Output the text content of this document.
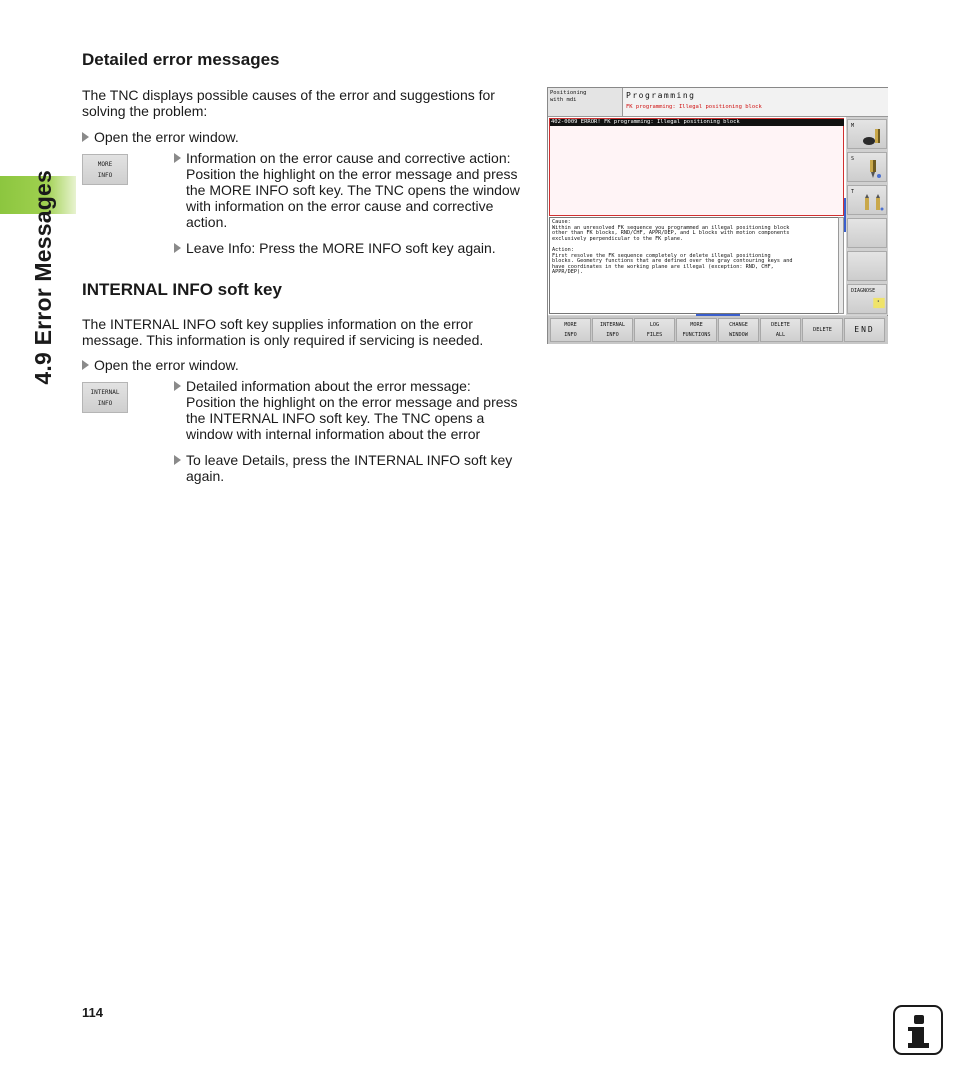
4.9 Error Messages
Detailed error messages
The TNC displays possible causes of the error and suggestions for solving the problem:
Open the error window.
MORE
INFO
Information on the error cause and corrective action: Position the highlight on the error message and press the MORE INFO soft key. The TNC opens the window with information on the error cause and corrective action.
Leave Info: Press the MORE INFO soft key again.
INTERNAL INFO soft key
The INTERNAL INFO soft key supplies information on the error message. This information is only required if servicing is needed.
Open the error window.
INTERNAL
INFO
Detailed information about the error message: Position the highlight on the error message and press the INTERNAL INFO soft key. The TNC opens a window with internal information about the error
To leave Details, press the INTERNAL INFO soft key again.
Positioning
with mdi	Programming
FK programming: Illegal positioning block
402-0009 ERROR! FK programming: Illegal positioning block
Cause:
Within an unresolved FK sequence you programmed an illegal positioning block
other than FK blocks, RND/CHF, APPR/DEP, and L blocks with motion components
exclusively perpendicular to the FK plane.

Action:
First resolve the FK sequence completely or delete illegal positioning
blocks. Geometry functions that are defined over the gray contouring keys and
have coordinates in the working plane are illegal (exception: RND, CHF,
APPR/DEP).
M
S
T
DIAGNOSE
MORE
INFO
INTERNAL
INFO
LOG
FILES
MORE
FUNCTIONS
CHANGE
WINDOW
DELETE
ALL
DELETE	END
114
